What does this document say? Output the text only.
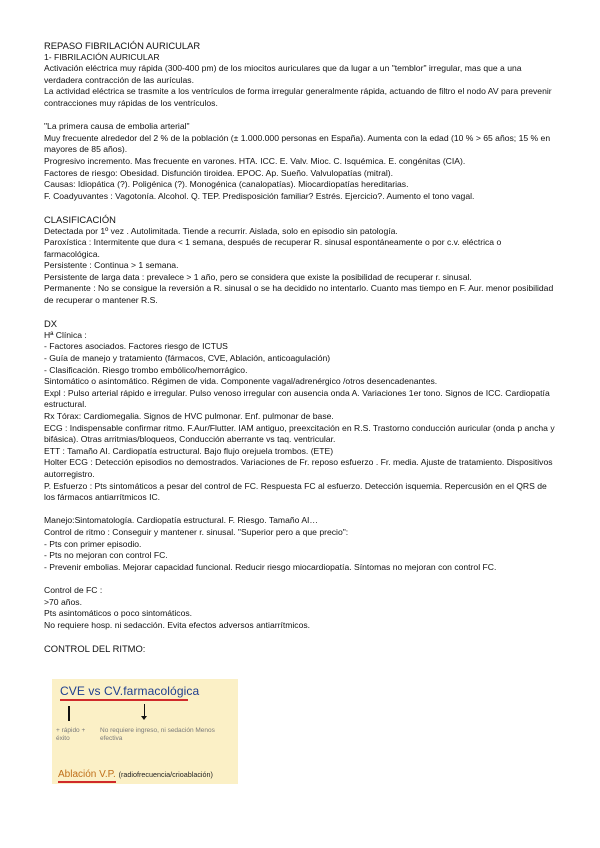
REPASO FIBRILACIÓN AURICULAR

1- FIBRILACIÓN AURICULAR

Activación eléctrica muy rápida (300-400 pm) de los miocitos auriculares que da lugar a un "temblor" irregular, mas que a una verdadera contracción de las aurículas.

La actividad eléctrica se trasmite a los ventrículos de forma irregular generalmente rápida, actuando de filtro el nodo AV para prevenir contracciones muy rápidas de los ventrículos.

"La primera causa de embolia arterial"

Muy frecuente alrededor del 2 % de la población (± 1.000.000 personas en España). Aumenta con la edad (10 % > 65 años; 15 % en mayores de 85 años).

Progresivo incremento. Mas frecuente en varones. HTA. ICC. E. Valv. Mioc. C. Isquémica. E. congénitas (CIA).

Factores de riesgo: Obesidad. Disfunción tiroidea. EPOC. Ap. Sueño. Valvulopatías (mitral).

Causas: Idiopática (?). Poligénica (?). Monogénica (canalopatías). Miocardiopatías hereditarias.

F. Coadyuvantes : Vagotonía. Alcohol. Q. TEP. Predisposición familiar? Estrés. Ejercicio?. Aumento el tono vagal.

CLASIFICACIÓN

Detectada por 1º vez . Autolimitada. Tiende a recurrir. Aislada, solo en episodio sin patología.

Paroxística : Intermitente que dura < 1 semana, después de recuperar R. sinusal espontáneamente o por c.v. eléctrica o farmacológica.

Persistente : Continua > 1 semana.

Persistente de larga data : prevalece > 1 año, pero se considera que existe la posibilidad de recuperar r. sinusal.

Permanente : No se consigue la reversión a R. sinusal o se ha decidido no intentarlo. Cuanto mas tiempo en F. Aur. menor posibilidad de recuperar o mantener R.S.

DX

Hª Clínica :

- Factores asociados. Factores riesgo de ICTUS

- Guía de manejo y tratamiento (fármacos, CVE, Ablación, anticoagulación)

- Clasificación. Riesgo trombo embólico/hemorrágico.

Sintomático o asintomático. Régimen de vida. Componente vagal/adrenérgico /otros desencadenantes.

Expl : Pulso arterial rápido e irregular. Pulso venoso irregular con ausencia onda A. Variaciones 1er tono. Signos de ICC. Cardiopatía estructural.

Rx Tórax: Cardiomegalia. Signos de HVC pulmonar. Enf. pulmonar de base.

ECG : Indispensable confirmar ritmo. F.Aur/Flutter. IAM antiguo, preexcitación en R.S. Trastorno conducción auricular (onda p ancha y bifásica). Otras arritmias/bloqueos, Conducción aberrante vs taq. ventricular.

ETT : Tamaño AI. Cardiopatía estructural. Bajo flujo orejuela trombos. (ETE)

Holter ECG : Detección episodios no demostrados. Variaciones de Fr. reposo esfuerzo . Fr. media. Ajuste de tratamiento. Dispositivos autorregistro.

P. Esfuerzo : Pts sintomáticos a pesar del control de FC. Respuesta FC al esfuerzo. Detección isquemia. Repercusión en el QRS de los fármacos antiarrítmicos IC.

Manejo:Sintomatología. Cardiopatía estructural. F. Riesgo. Tamaño AI…

Control de ritmo : Conseguir y mantener r. sinusal. "Superior pero a que precio":

- Pts con primer episodio.

- Pts no mejoran con control FC.

- Prevenir embolias. Mejorar capacidad funcional. Reducir riesgo miocardiopatía. Síntomas no mejoran con control FC.

Control de FC :

>70 años.

Pts asintomáticos o poco sintomáticos.

No requiere hosp. ni sedacción. Evita efectos adversos antiarrítmicos.

CONTROL DEL RITMO:

CVE vs CV.farmacológica
+ rápido + éxito
No requiere ingreso, ni sedación Menos efectiva
Ablación V.P. (radiofrecuencia/crioablación)
